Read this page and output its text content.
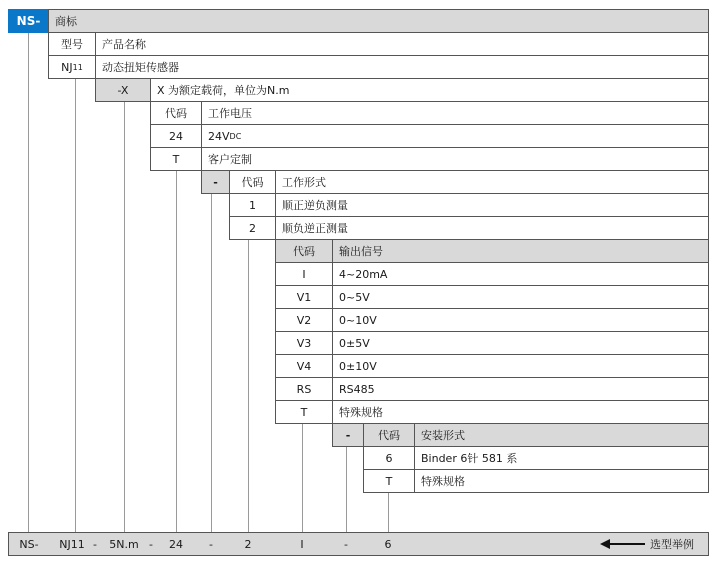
NS-	商标
型号	产品名称
NJ 11	动态扭矩传感器
-X	X 为额定载荷，单位为N.m
代码	工作电压
24	24V DC
T	客户定制
-	代码	工作形式
1	顺正逆负测量
2	顺负逆正测量
代码	输出信号
I	4~20mA
V1	0~5V
V2	0~10V
V3	0±5V
V4	0±10V
RS	RS485
T	特殊规格
-	代码	安装形式
6	Binder 6针 581 系
T	特殊规格
NS-	NJ11 -	5N.m -	24	-	2	I	-	6	选型举例
